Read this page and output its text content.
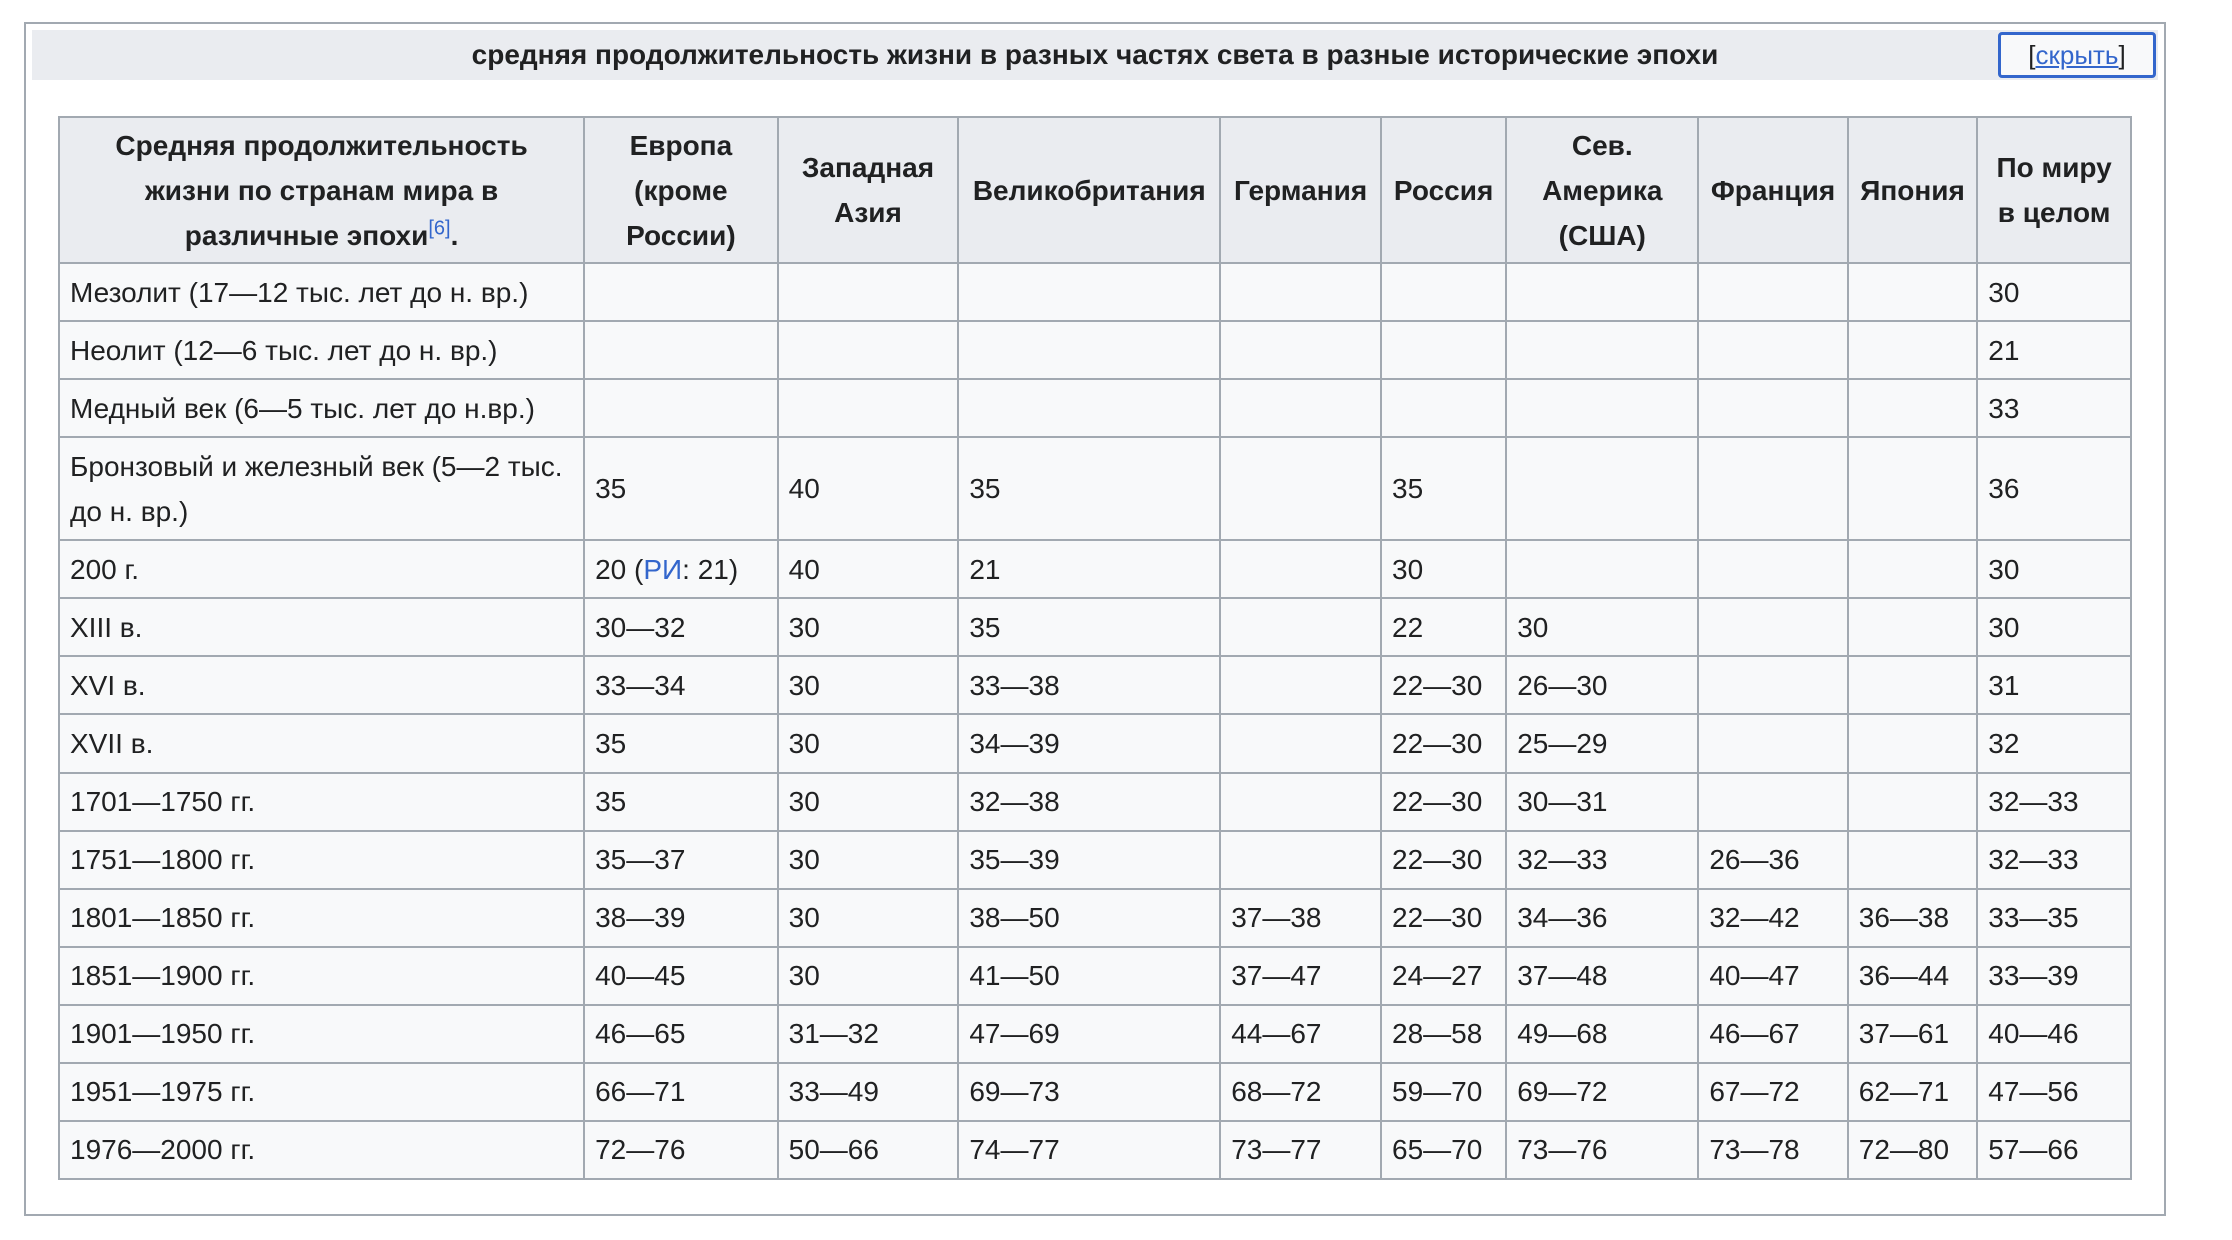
средняя продолжительность жизни в разных частях света в разные исторические эпохи	[скрыть]
Средняя продолжительность жизни по странам мира в различные эпохи[6].	Европа (кроме России)	Западная Азия	Великобритания	Германия	Россия	Сев. Америка (США)	Франция	Япония	По миру в целом
Мезолит (17—12 тыс. лет до н. вр.)									30
Неолит (12—6 тыс. лет до н. вр.)									21
Медный век (6—5 тыс. лет до н.вр.)									33
Бронзовый и железный век (5—2 тыс. до н. вр.)	35	40	35		35				36
200 г.	20 (РИ: 21)	40	21		30				30
XIII в.	30—32	30	35		22	30			30
XVI в.	33—34	30	33—38		22—30	26—30			31
XVII в.	35	30	34—39		22—30	25—29			32
1701—1750 гг.	35	30	32—38		22—30	30—31			32—33
1751—1800 гг.	35—37	30	35—39		22—30	32—33	26—36		32—33
1801—1850 гг.	38—39	30	38—50	37—38	22—30	34—36	32—42	36—38	33—35
1851—1900 гг.	40—45	30	41—50	37—47	24—27	37—48	40—47	36—44	33—39
1901—1950 гг.	46—65	31—32	47—69	44—67	28—58	49—68	46—67	37—61	40—46
1951—1975 гг.	66—71	33—49	69—73	68—72	59—70	69—72	67—72	62—71	47—56
1976—2000 гг.	72—76	50—66	74—77	73—77	65—70	73—76	73—78	72—80	57—66
